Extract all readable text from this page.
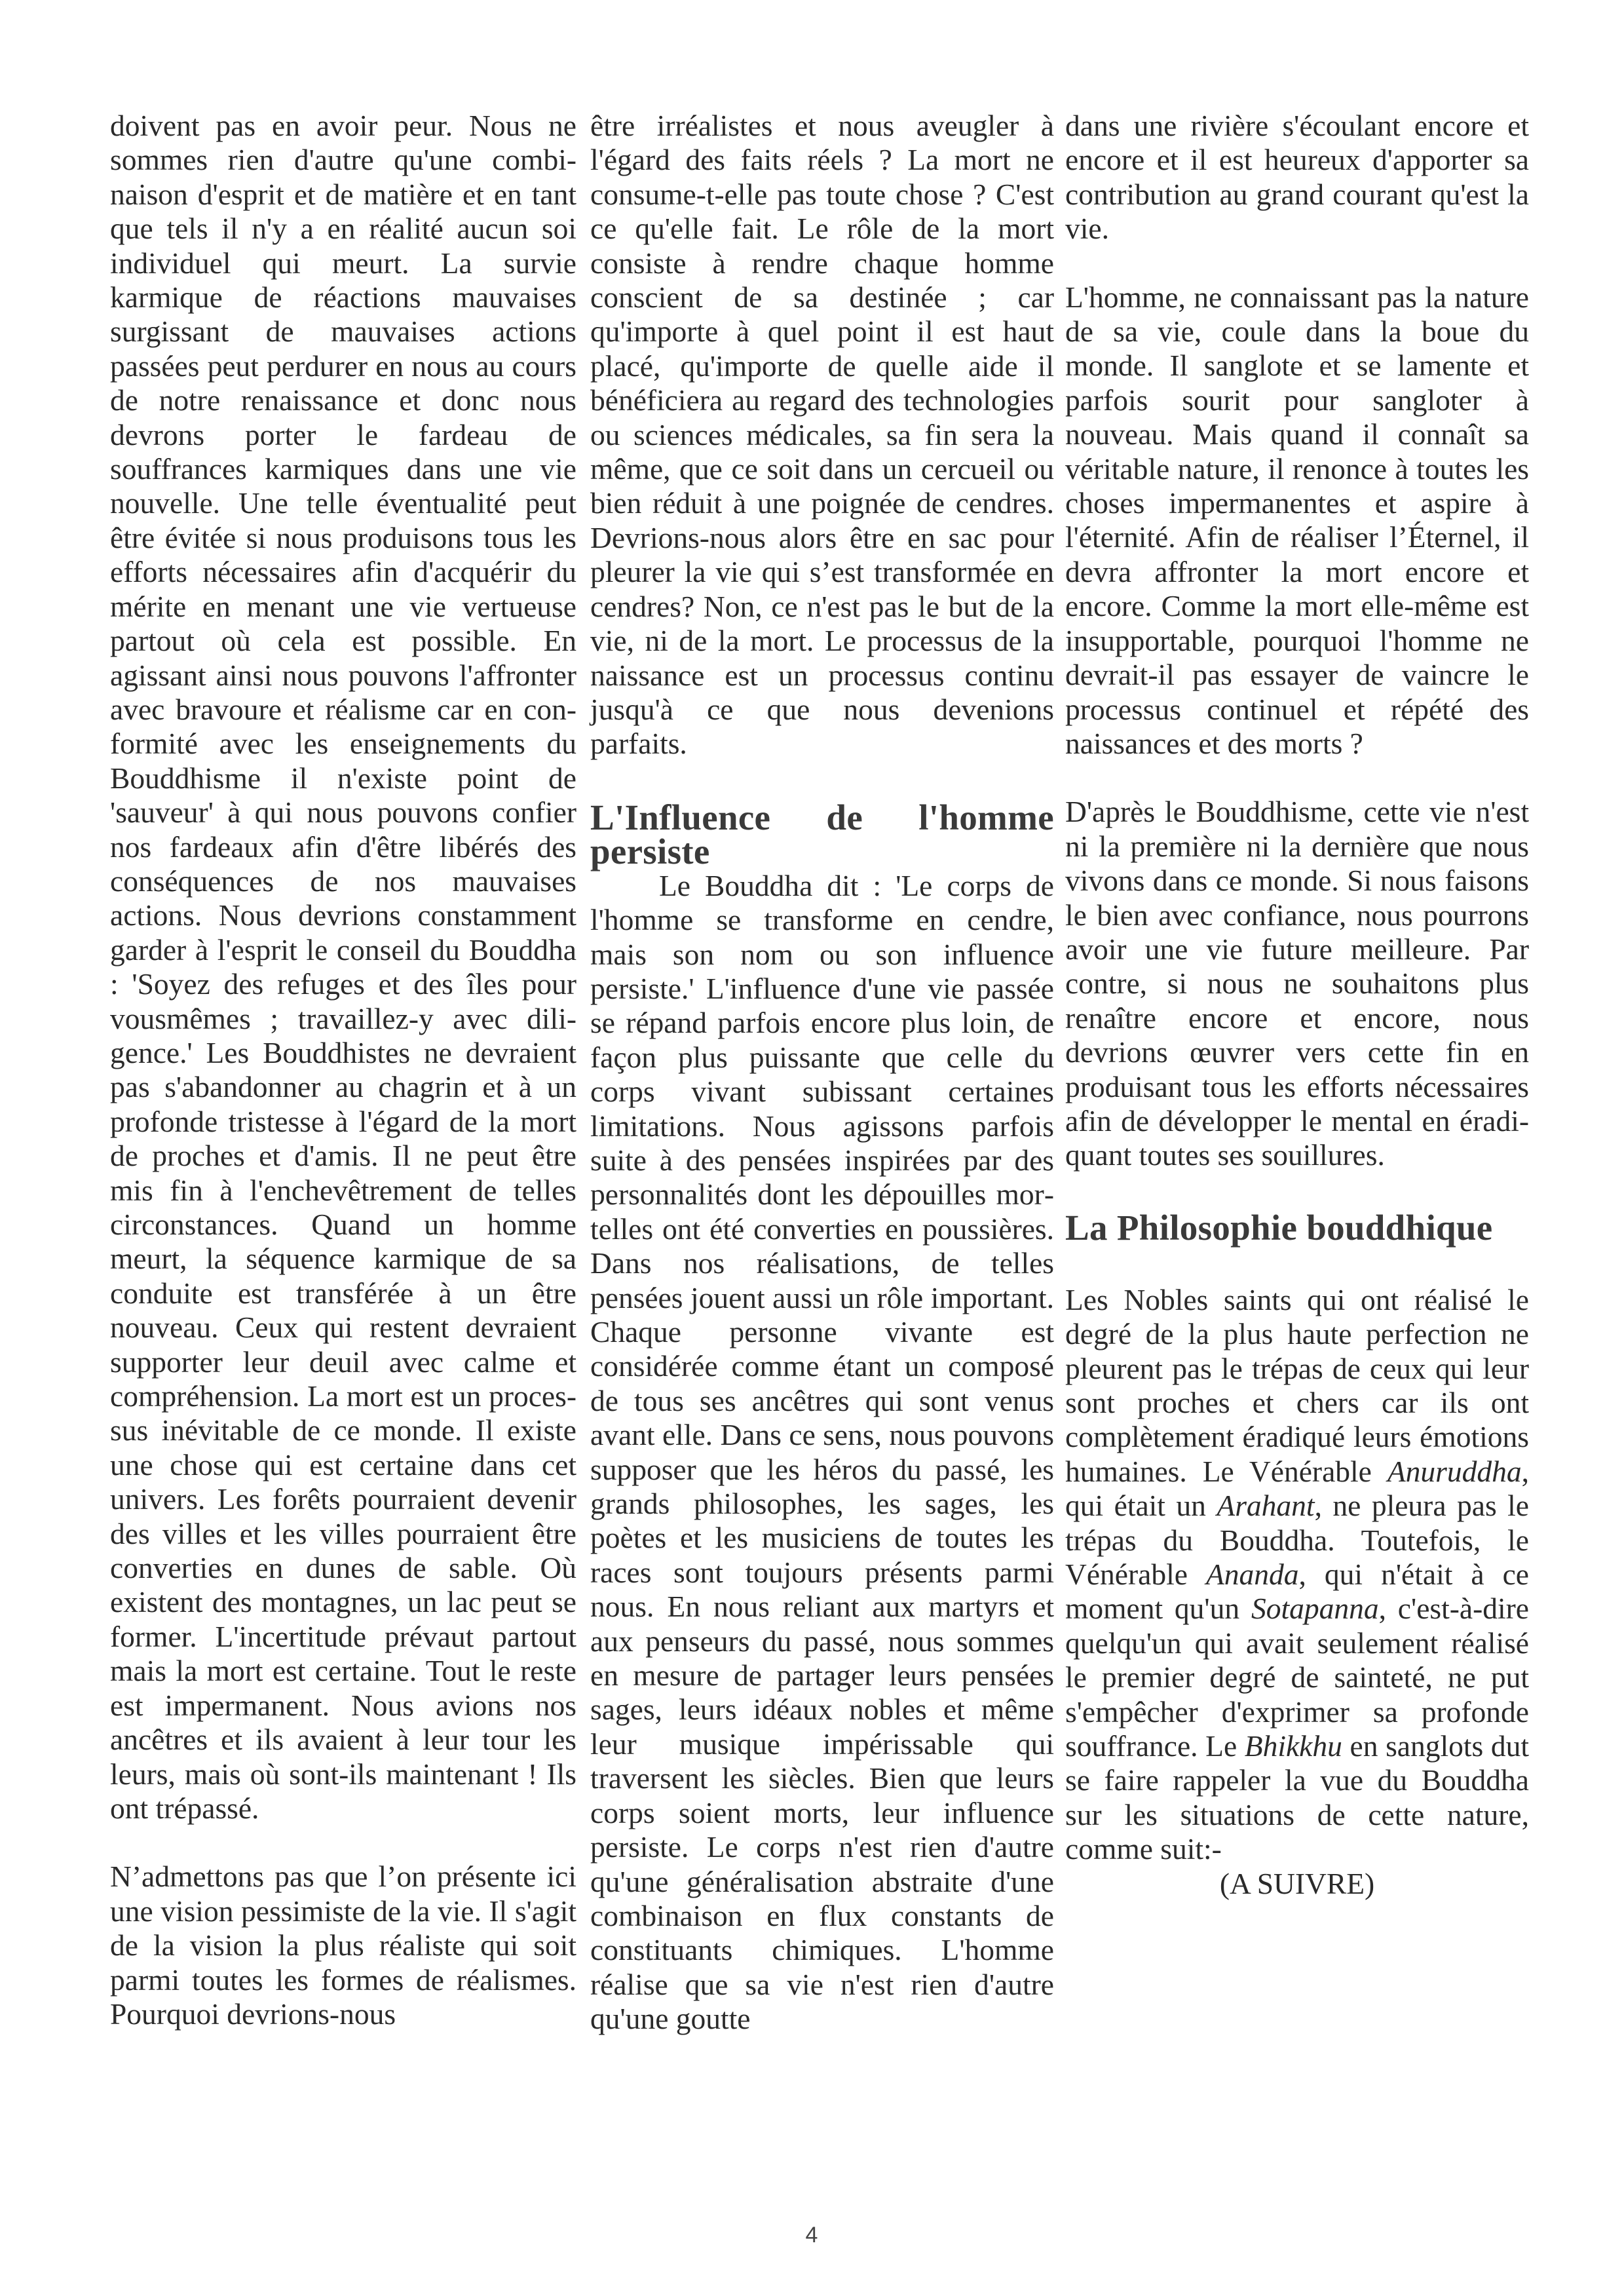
doivent pas en avoir peur. Nous ne sommes rien d'autre qu'une combinaison d'esprit et de matière et en tant que tels il n'y a en réalité aucun soi individuel qui meurt. La survie karmique de réactions mauvaises surgissant de mauvaises actions passées peut perdurer en nous au cours de notre renaissance et donc nous devrons porter le fardeau de souffrances karmiques dans une vie nouvelle. Une telle éventualité peut être évitée si nous produisons tous les efforts nécessaires afin d'acquérir du mérite en menant une vie vertueuse partout où cela est possible. En agissant ainsi nous pouvons l'affronter avec bravoure et réalisme car en conformité avec les enseignements du Bouddhisme il n'existe point de 'sauveur' à qui nous pouvons confier nos fardeaux afin d'être libérés des conséquences de nos mauvaises actions. Nous devrions constamment garder à l'esprit le conseil du Bouddha : 'Soyez des refuges et des îles pour vousmêmes ; travaillez-y avec diligence.' Les Bouddhistes ne devraient pas s'abandonner au chagrin et à un profonde tristesse à l'égard de la mort de proches et d'amis. Il ne peut être mis fin à l'enchevêtrement de telles circonstances. Quand un homme meurt, la séquence karmique de sa conduite est transférée à un être nouveau. Ceux qui restent devraient supporter leur deuil avec calme et compréhension. La mort est un processus inévitable de ce monde. Il existe une chose qui est certaine dans cet univers. Les forêts pourraient devenir des villes et les villes pourraient être converties en dunes de sable. Où existent des montagnes, un lac peut se former. L'incertitude prévaut partout mais la mort est certaine. Tout le reste est impermanent. Nous avions nos ancêtres et ils avaient à leur tour les leurs, mais où sont-ils maintenant ! Ils ont trépassé.

N’admettons pas que l’on présente ici une vision pessimiste de la vie. Il s'agit de la vision la plus réaliste qui soit parmi toutes les formes de réalismes. Pourquoi devrions-nous

être irréalistes et nous aveugler à l'égard des faits réels ? La mort ne consume-t-elle pas toute chose ? C'est ce qu'elle fait. Le rôle de la mort consiste à rendre chaque homme conscient de sa destinée ; car qu'importe à quel point il est haut placé, qu'importe de quelle aide il bénéficiera au regard des technologies ou sciences médicales, sa fin sera la même, que ce soit dans un cercueil ou bien réduit à une poignée de cendres. Devrions-nous alors être en sac pour pleurer la vie qui s’est transformée en cendres? Non, ce n'est pas le but de la vie, ni de la mort. Le processus de la naissance est un processus continu jusqu'à ce que nous devenions parfaits.

L'Influence de l'homme
persiste

Le Bouddha dit : 'Le corps de l'homme se transforme en cendre, mais son nom ou son influence persiste.' L'influence d'une vie passée se répand parfois encore plus loin, de façon plus puissante que celle du corps vivant subissant certaines limitations. Nous agissons parfois suite à des pensées inspirées par des personnalités dont les dépouilles mortelles ont été converties en poussières. Dans nos réalisations, de telles pensées jouent aussi un rôle important. Chaque personne vivante est considérée comme étant un composé de tous ses ancêtres qui sont venus avant elle. Dans ce sens, nous pouvons supposer que les héros du passé, les grands philosophes, les sages, les poètes et les musiciens de toutes les races sont toujours présents parmi nous. En nous reliant aux martyrs et aux penseurs du passé, nous sommes en mesure de partager leurs pensées sages, leurs idéaux nobles et même leur musique impérissable qui traversent les siècles. Bien que leurs corps soient morts, leur influence persiste. Le corps n'est rien d'autre qu'une généralisation abstraite d'une combinaison en flux constants de constituants chimiques. L'homme réalise que sa vie n'est rien d'autre qu'une goutte

dans une rivière s'écoulant encore et encore et il est heureux d'apporter sa contribution au grand courant qu'est la vie.

L'homme, ne connaissant pas la nature de sa vie, coule dans la boue du monde. Il sanglote et se lamente et parfois sourit pour sangloter à nouveau. Mais quand il connaît sa véritable nature, il renonce à toutes les choses impermanentes et aspire à l'éternité. Afin de réaliser l’Éternel, il devra affronter la mort encore et encore. Comme la mort elle-même est insupportable, pourquoi l'homme ne devrait-il pas essayer de vaincre le processus continuel et répété des naissances et des morts ?

D'après le Bouddhisme, cette vie n'est ni la première ni la dernière que nous vivons dans ce monde. Si nous faisons le bien avec confiance, nous pourrons avoir une vie future meilleure. Par contre, si nous ne souhaitons plus renaître encore et encore, nous devrions œuvrer vers cette fin en produisant tous les efforts nécessaires afin de développer le mental en éradiquant toutes ses souillures.

La Philosophie bouddhique

Les Nobles saints qui ont réalisé le degré de la plus haute perfection ne pleurent pas le trépas de ceux qui leur sont proches et chers car ils ont complètement éradiqué leurs émotions humaines. Le Vénérable Anuruddha, qui était un Arahant, ne pleura pas le trépas du Bouddha. Toutefois, le Vénérable Ananda, qui n'était à ce moment qu'un Sotapanna, c'est-à-dire quelqu'un qui avait seulement réalisé le premier degré de sainteté, ne put s'empêcher d'exprimer sa profonde souffrance. Le Bhikkhu en sanglots dut se faire rappeler la vue du Bouddha sur les situations de cette nature, comme suit:-

(A SUIVRE)

4
